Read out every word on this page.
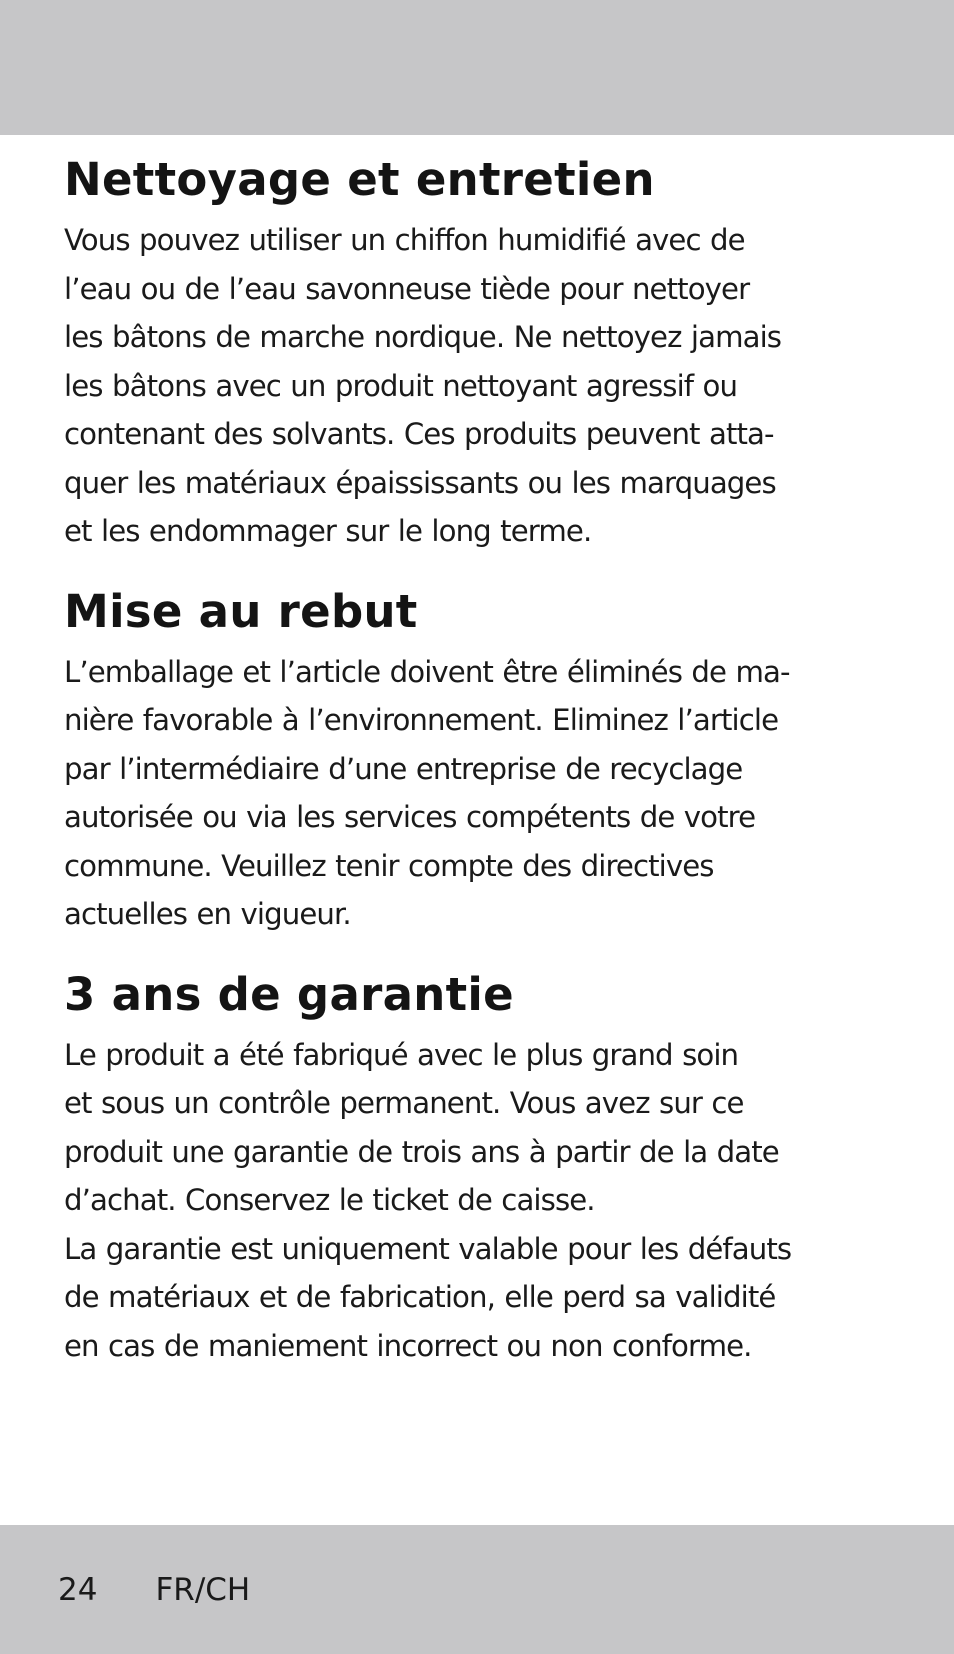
Nettoyage et entretien

Vous pouvez utiliser un chiffon humidifié avec de
l’eau ou de l’eau savonneuse tiède pour nettoyer
les bâtons de marche nordique. Ne nettoyez jamais
les bâtons avec un produit nettoyant agressif ou
contenant des solvants. Ces produits peuvent atta-
quer les matériaux épaississants ou les marquages
et les endommager sur le long terme.

Mise au rebut

L’emballage et l’article doivent être éliminés de ma-
nière favorable à l’environnement. Eliminez l’article
par l’intermédiaire d’une entreprise de recyclage
autorisée ou via les services compétents de votre
commune. Veuillez tenir compte des directives
actuelles en vigueur.

3 ans de garantie

Le produit a été fabriqué avec le plus grand soin
et sous un contrôle permanent. Vous avez sur ce
produit une garantie de trois ans à partir de la date
d’achat. Conservez le ticket de caisse.
La garantie est uniquement valable pour les défauts
de matériaux et de fabrication, elle perd sa validité
en cas de maniement incorrect ou non conforme.

24 FR/CH
